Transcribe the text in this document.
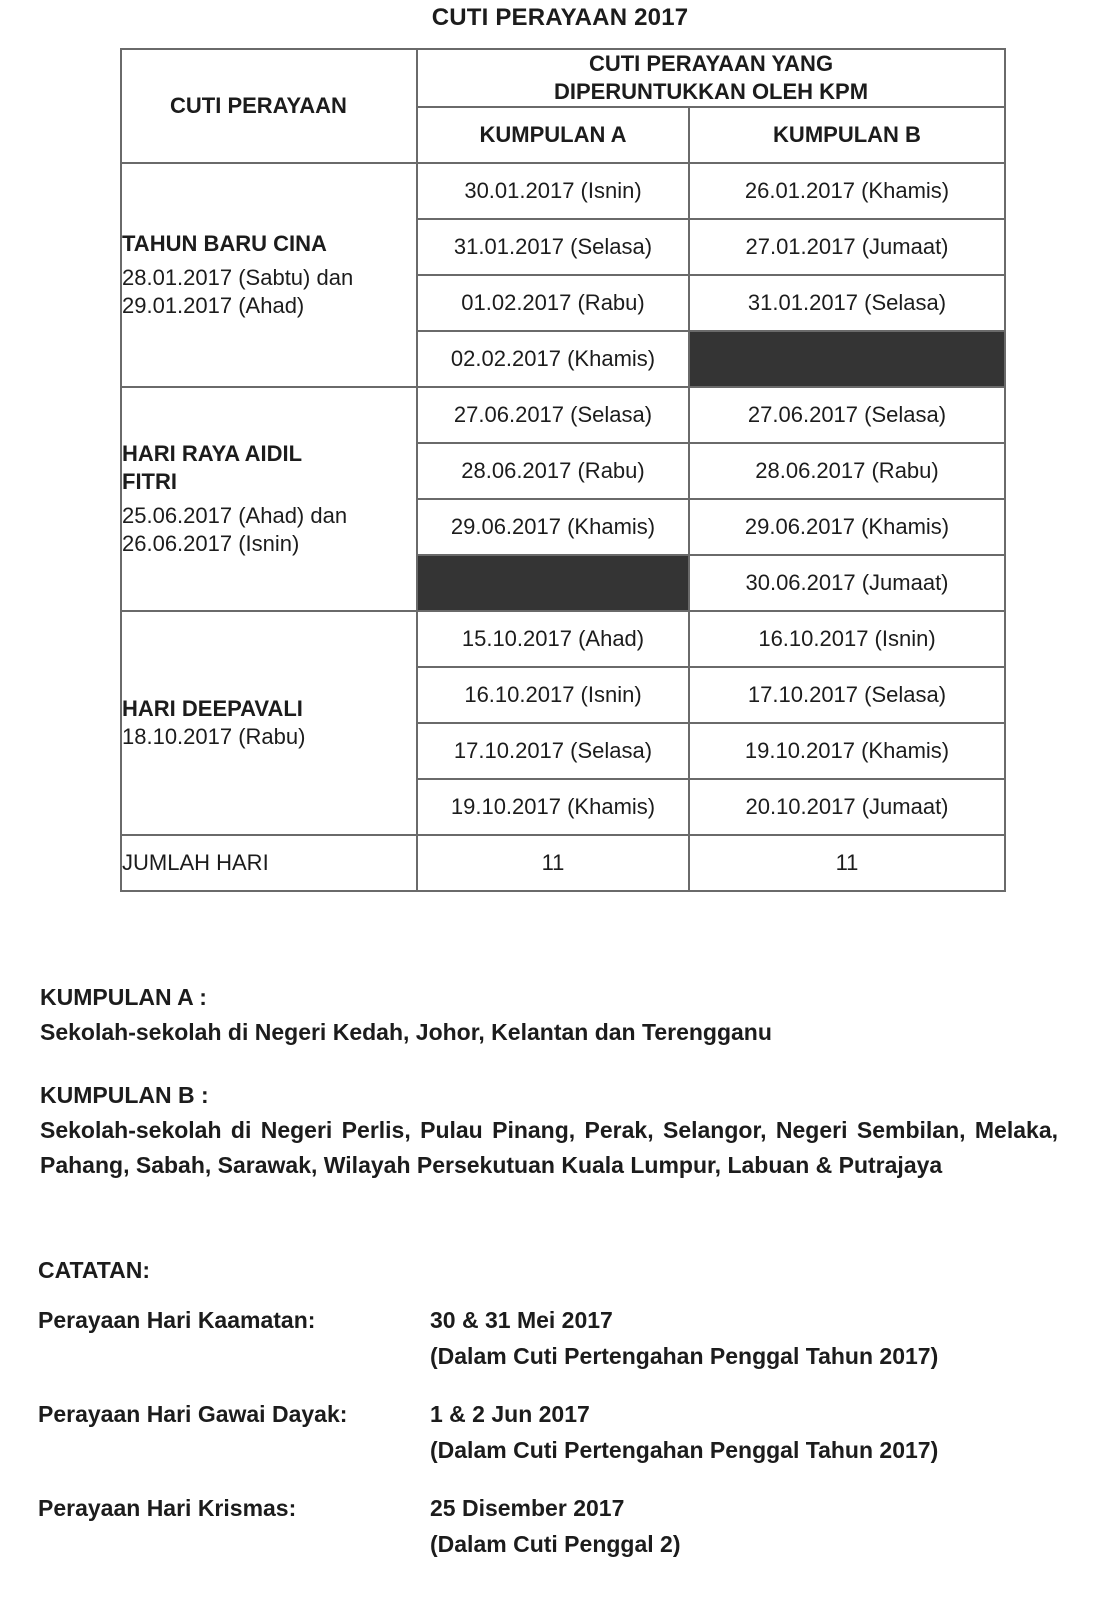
CUTI PERAYAAN 2017
CUTI PERAYAAN	CUTI PERAYAAN YANG
DIPERUNTUKKAN OLEH KPM	
	KUMPULAN A	KUMPULAN B

TAHUN BARU CINA
28.01.2017 (Sabtu) dan
29.01.2017 (Ahad)	30.01.2017 (Isnin)	26.01.2017 (Khamis)
	31.01.2017 (Selasa)	27.01.2017 (Jumaat)
	01.02.2017 (Rabu)	31.01.2017 (Selasa)
	02.02.2017 (Khamis)	

HARI RAYA AIDIL
FITRI
25.06.2017 (Ahad) dan
26.06.2017 (Isnin)	27.06.2017 (Selasa)	27.06.2017 (Selasa)
	28.06.2017 (Rabu)	28.06.2017 (Rabu)
	29.06.2017 (Khamis)	29.06.2017 (Khamis)
		30.06.2017 (Jumaat)

HARI DEEPAVALI
18.10.2017 (Rabu)	15.10.2017 (Ahad)	16.10.2017 (Isnin)
	16.10.2017 (Isnin)	17.10.2017 (Selasa)
	17.10.2017 (Selasa)	19.10.2017 (Khamis)
	19.10.2017 (Khamis)	20.10.2017 (Jumaat)
JUMLAH HARI	11	11
KUMPULAN A :
Sekolah-sekolah di Negeri Kedah, Johor, Kelantan dan Terengganu
KUMPULAN B :
Sekolah-sekolah di Negeri Perlis, Pulau Pinang, Perak, Selangor, Negeri Sembilan, Melaka, Pahang, Sabah, Sarawak, Wilayah Persekutuan Kuala Lumpur, Labuan & Putrajaya
CATATAN:
Perayaan Hari Kaamatan:	30 & 31 Mei 2017
(Dalam Cuti Pertengahan Penggal Tahun 2017)
Perayaan Hari Gawai Dayak:	1 & 2 Jun 2017
(Dalam Cuti Pertengahan Penggal Tahun 2017)
Perayaan Hari Krismas:	25 Disember 2017
(Dalam Cuti Penggal 2)
